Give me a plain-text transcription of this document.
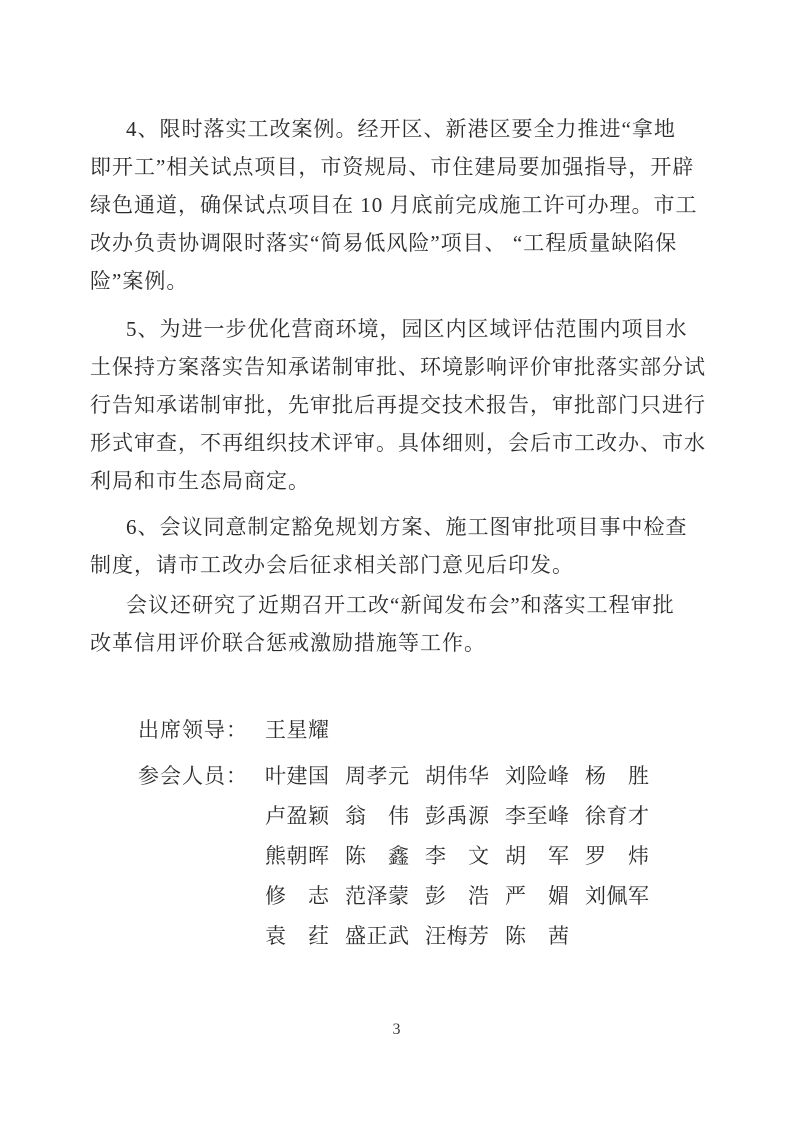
4、限时落实工改案例。经开区、新港区要全力推进“拿地
即开工”相关试点项目，市资规局、市住建局要加强指导，开辟
绿色通道，确保试点项目在 10 月底前完成施工许可办理。市工
改办负责协调限时落实“简易低风险”项目、 “工程质量缺陷保
险”案例。
5、为进一步优化营商环境，园区内区域评估范围内项目水
土保持方案落实告知承诺制审批、环境影响评价审批落实部分试
行告知承诺制审批，先审批后再提交技术报告，审批部门只进行
形式审查，不再组织技术评审。具体细则，会后市工改办、市水
利局和市生态局商定。
6、会议同意制定豁免规划方案、施工图审批项目事中检查
制度，请市工改办会后征求相关部门意见后印发。
会议还研究了近期召开工改“新闻发布会”和落实工程审批
改革信用评价联合惩戒激励措施等工作。
出席领导： 王星耀
参会人员： 叶建国 周孝元 胡伟华 刘险峰 杨　胜
卢盈颖 翁　伟 彭禹源 李至峰 徐育才
熊朝晖 陈　鑫 李　文 胡　军 罗　炜
修　志 范泽蒙 彭　浩 严　媚 刘佩军
袁　荭 盛正武 汪梅芳 陈　茜
3
